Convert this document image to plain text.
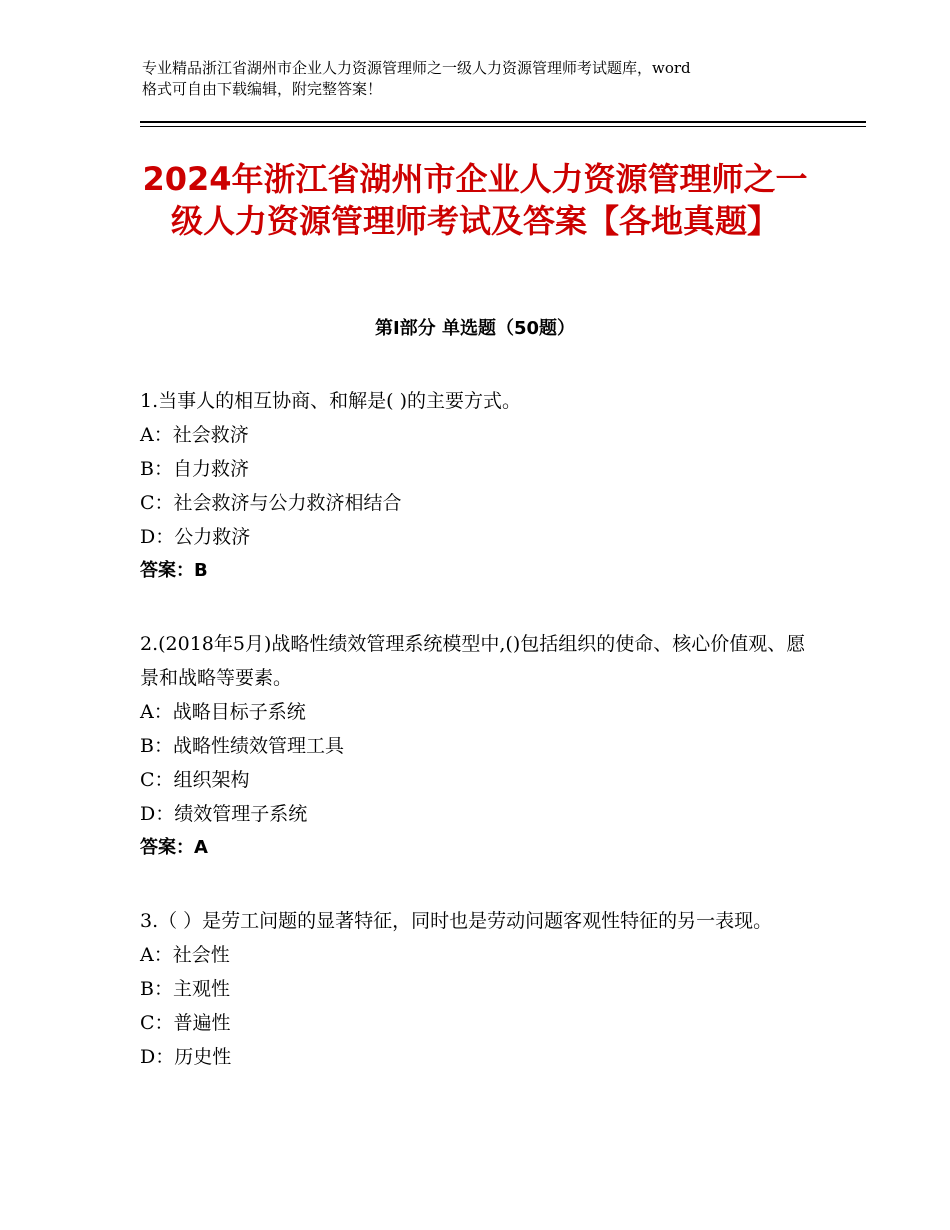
专业精品浙江省湖州市企业人力资源管理师之一级人力资源管理师考试题库，word
格式可自由下载编辑，附完整答案！
2024年浙江省湖州市企业人力资源管理师之一级人力资源管理师考试及答案【各地真题】
第Ⅰ部分 单选题（50题）

1.当事人的相互协商、和解是( )的主要方式。

A：社会救济

B：自力救济

C：社会救济与公力救济相结合

D：公力救济

答案：B

2.(2018年5月)战略性绩效管理系统模型中,()包括组织的使命、核心价值观、愿景和战略等要素。

A：战略目标子系统

B：战略性绩效管理工具

C：组织架构

D：绩效管理子系统

答案：A

3.（ ）是劳工问题的显著特征，同时也是劳动问题客观性特征的另一表现。

A：社会性

B：主观性

C：普遍性

D：历史性
